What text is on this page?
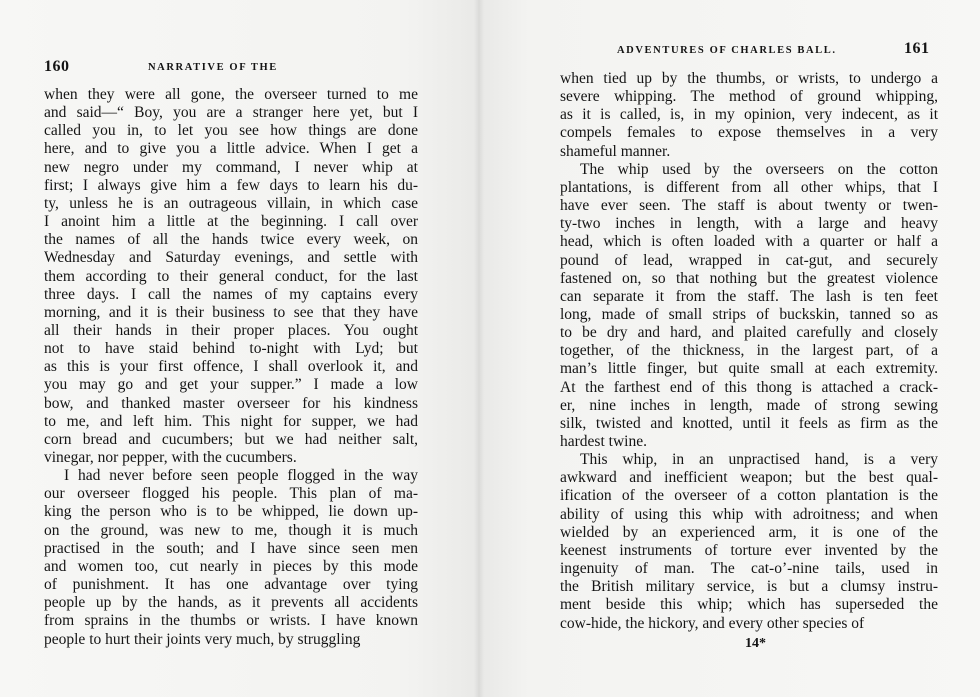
160	NARRATIVE OF THE
ADVENTURES OF CHARLES BALL.	161
when they were all gone, the overseer turned to me
and said—“ Boy, you are a stranger here yet, but I
called you in, to let you see how things are done
here, and to give you a little advice. When I get a
new negro under my command, I never whip at
first; I always give him a few days to learn his du-
ty, unless he is an outrageous villain, in which case
I anoint him a little at the beginning. I call over
the names of all the hands twice every week, on
Wednesday and Saturday evenings, and settle with
them according to their general conduct, for the last
three days. I call the names of my captains every
morning, and it is their business to see that they have
all their hands in their proper places. You ought
not to have staid behind to-night with Lyd; but
as this is your first offence, I shall overlook it, and
you may go and get your supper.” I made a low
bow, and thanked master overseer for his kindness
to me, and left him. This night for supper, we had
corn bread and cucumbers; but we had neither salt,
vinegar, nor pepper, with the cucumbers.
I had never before seen people flogged in the way
our overseer flogged his people. This plan of ma-
king the person who is to be whipped, lie down up-
on the ground, was new to me, though it is much
practised in the south; and I have since seen men
and women too, cut nearly in pieces by this mode
of punishment. It has one advantage over tying
people up by the hands, as it prevents all accidents
from sprains in the thumbs or wrists. I have known
people to hurt their joints very much, by struggling
when tied up by the thumbs, or wrists, to undergo a
severe whipping. The method of ground whipping,
as it is called, is, in my opinion, very indecent, as it
compels females to expose themselves in a very
shameful manner.
The whip used by the overseers on the cotton
plantations, is different from all other whips, that I
have ever seen. The staff is about twenty or twen-
ty-two inches in length, with a large and heavy
head, which is often loaded with a quarter or half a
pound of lead, wrapped in cat-gut, and securely
fastened on, so that nothing but the greatest violence
can separate it from the staff. The lash is ten feet
long, made of small strips of buckskin, tanned so as
to be dry and hard, and plaited carefully and closely
together, of the thickness, in the largest part, of a
man’s little finger, but quite small at each extremity.
At the farthest end of this thong is attached a crack-
er, nine inches in length, made of strong sewing
silk, twisted and knotted, until it feels as firm as the
hardest twine.
This whip, in an unpractised hand, is a very
awkward and inefficient weapon; but the best qual-
ification of the overseer of a cotton plantation is the
ability of using this whip with adroitness; and when
wielded by an experienced arm, it is one of the
keenest instruments of torture ever invented by the
ingenuity of man. The cat-o’-nine tails, used in
the British military service, is but a clumsy instru-
ment beside this whip; which has superseded the
cow-hide, the hickory, and every other species of
14*
